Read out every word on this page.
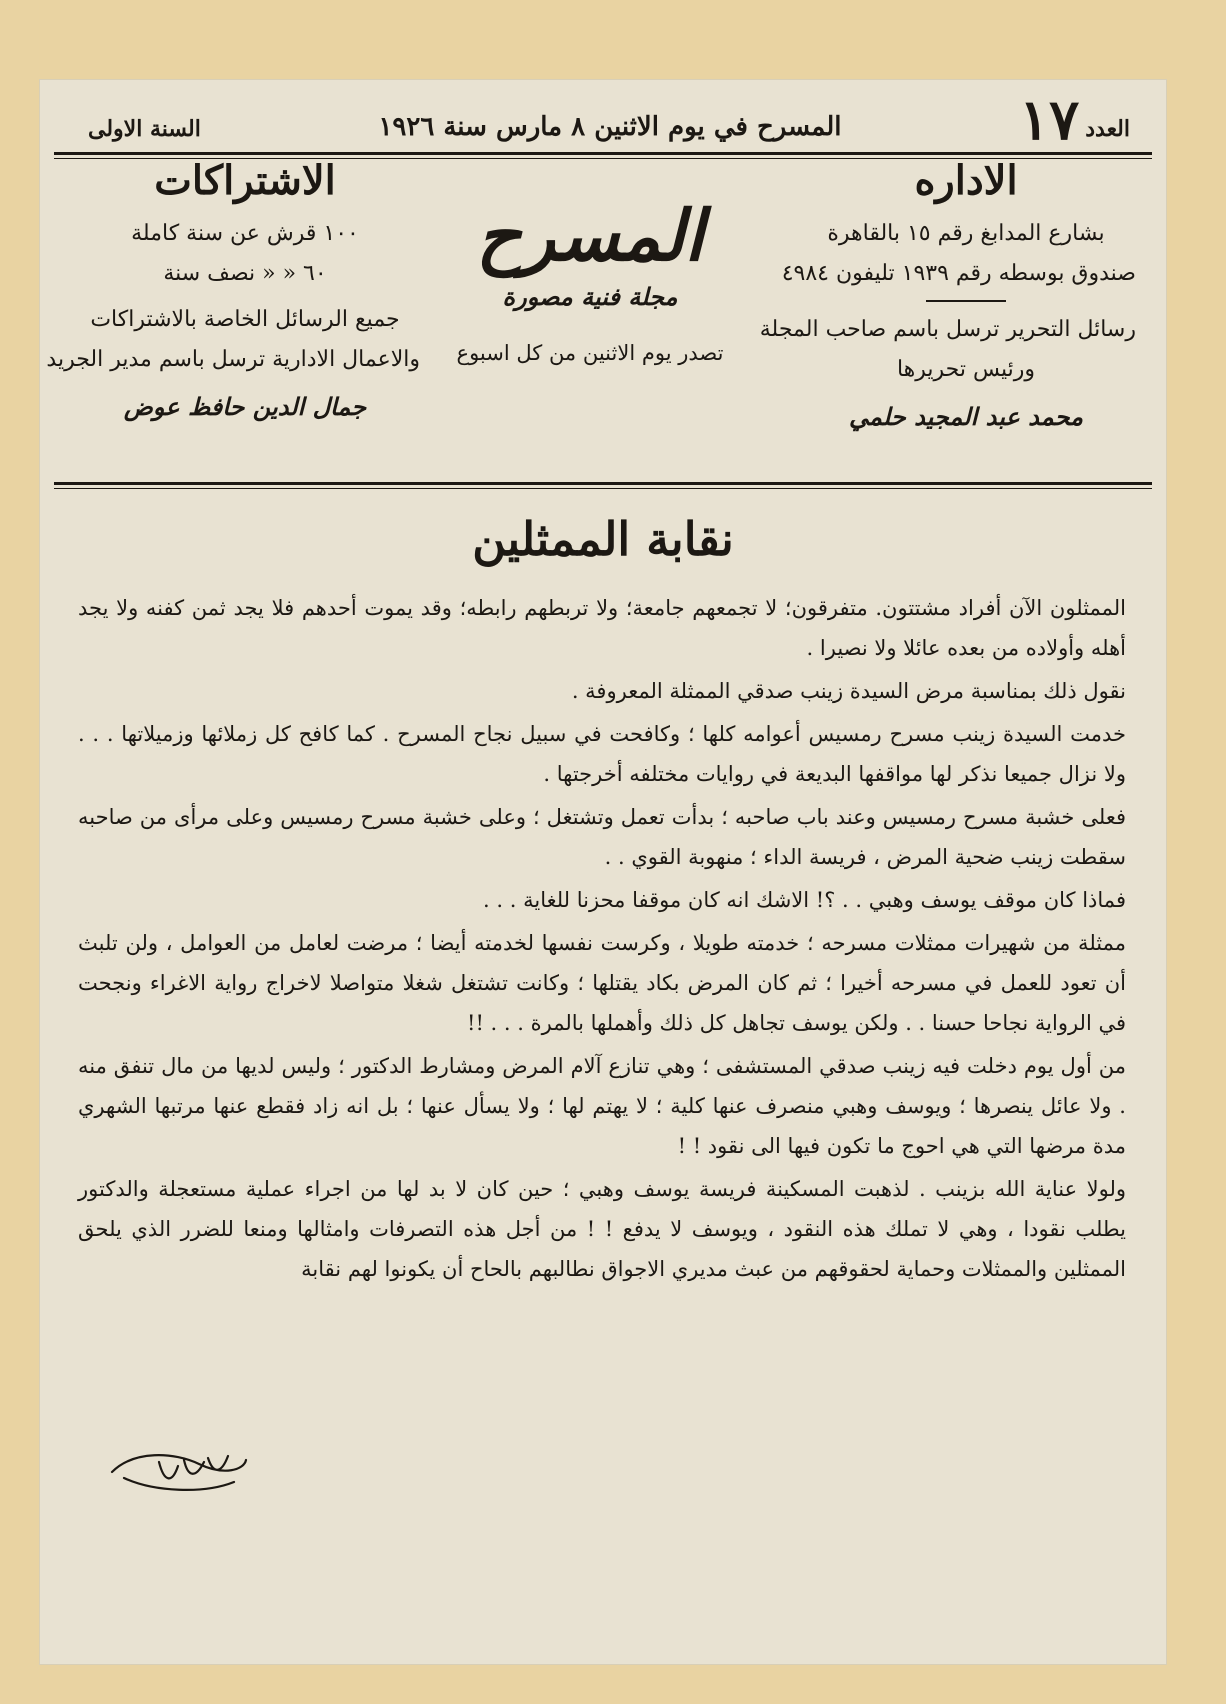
العدد
١٧
المسرح في يوم الاثنين ٨ مارس سنة ١٩٢٦
السنة الاولى
الاداره
بشارع المدابغ رقم ١٥ بالقاهرة
صندوق بوسطه رقم ١٩٣٩ تليفون ٤٩٨٤
رسائل التحرير ترسل باسم صاحب المجلة
ورئيس تحريرها
محمد عبد المجيد حلمي
المسرح
مجلة فنية مصورة
تصدر يوم الاثنين من كل اسبوع
الاشتراكات
١٠٠ قرش عن سنة كاملة
٦٠ « « نصف سنة
جميع الرسائل الخاصة بالاشتراكات
والاعمال الادارية ترسل باسم مدير الجريد
جمال الدين حافظ عوض
نقابة الممثلين

الممثلون الآن أفراد مشتتون. متفرقون؛ لا تجمعهم جامعة؛ ولا تربطهم رابطه؛ وقد يموت أحدهم فلا يجد ثمن كفنه ولا يجد أهله وأولاده من بعده عائلا ولا نصيرا .

نقول ذلك بمناسبة مرض السيدة زينب صدقي الممثلة المعروفة .

خدمت السيدة زينب مسرح رمسيس أعوامه كلها ؛ وكافحت في سبيل نجاح المسرح . كما كافح كل زملائها وزميلاتها . . . ولا نزال جميعا نذكر لها مواقفها البديعة في روايات مختلفه أخرجتها .

فعلى خشبة مسرح رمسيس وعند باب صاحبه ؛ بدأت تعمل وتشتغل ؛ وعلى خشبة مسرح رمسيس وعلى مرأى من صاحبه سقطت زينب ضحية المرض ، فريسة الداء ؛ منهوبة القوي . .

فماذا كان موقف يوسف وهبي . . ؟! الاشك انه كان موقفا محزنا للغاية . . .

ممثلة من شهيرات ممثلات مسرحه ؛ خدمته طويلا ، وكرست نفسها لخدمته أيضا ؛ مرضت لعامل من العوامل ، ولن تلبث أن تعود للعمل في مسرحه أخيرا ؛ ثم كان المرض بكاد يقتلها ؛ وكانت تشتغل شغلا متواصلا لاخراج رواية الاغراء ونجحت في الرواية نجاحا حسنا . . ولكن يوسف تجاهل كل ذلك وأهملها بالمرة . . . !!

من أول يوم دخلت فيه زينب صدقي المستشفى ؛ وهي تنازع آلام المرض ومشارط الدكتور ؛ وليس لديها من مال تنفق منه . ولا عائل ينصرها ؛ ويوسف وهبي منصرف عنها كلية ؛ لا يهتم لها ؛ ولا يسأل عنها ؛ بل انه زاد فقطع عنها مرتبها الشهري مدة مرضها التي هي احوج ما تكون فيها الى نقود ! !

ولولا عناية الله بزينب . لذهبت المسكينة فريسة يوسف وهبي ؛ حين كان لا بد لها من اجراء عملية مستعجلة والدكتور يطلب نقودا ، وهي لا تملك هذه النقود ، ويوسف لا يدفع ! ! من أجل هذه التصرفات وامثالها ومنعا للضرر الذي يلحق الممثلين والممثلات وحماية لحقوقهم من عبث مديري الاجواق نطالبهم بالحاح أن يكونوا لهم نقابة
